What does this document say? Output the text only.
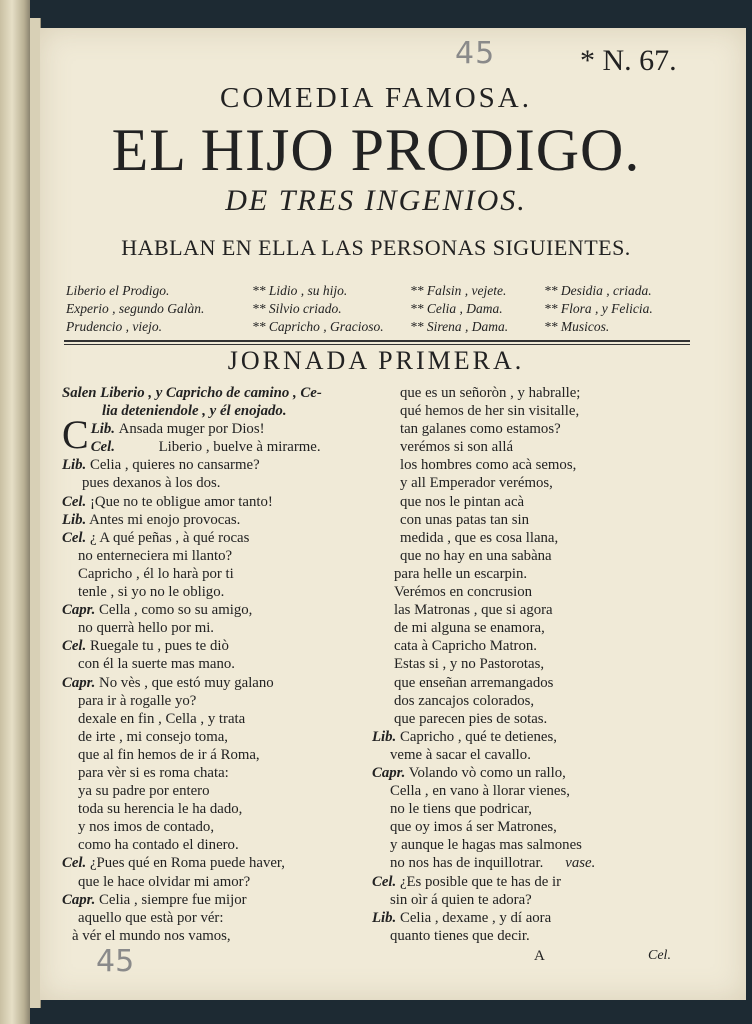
45	* N. 67.
COMEDIA FAMOSA.
EL HIJO PRODIGO.
DE TRES INGENIOS.
HABLAN EN ELLA LAS PERSONAS SIGUIENTES.
Liberio el Prodigo.	** Lidio , su hijo.	** Falsin , vejete.	** Desidia , criada.
Experio , segundo Galàn.	** Silvio criado.	** Celia , Dama.	** Flora , y Felicia.
Prudencio , viejo.	** Capricho , Gracioso. ** Sirena , Dama.	** Musicos.
JORNADA PRIMERA.
Salen Liberio , y Capricho de camino , Ce-
lia deteniendole , y él enojado.
Lib.
C Ansada muger por Dios!
Cel.	Liberio , buelve à mirarme.
Lib. Celia , quieres no cansarme?
pues dexanos à los dos.
Cel. ¡Que no te obligue amor tanto!
Lib. Antes mi enojo provocas.
Cel. ¿ A qué peñas , à qué rocas
no enterneciera mi llanto?
Capricho , él lo harà por ti
tenle , si yo no le obligo.
Capr. Cella , como so su amigo,
no querrà hello por mi.
Cel. Ruegale tu , pues te diò
con él la suerte mas mano.
Capr. No vès , que estó muy galano
para ir à rogalle yo?
dexale en fin , Cella , y trata
de irte , mi consejo toma,
que al fin hemos de ir á Roma,
para vèr si es roma chata:
ya su padre por entero
toda su herencia le ha dado,
y nos imos de contado,
como ha contado el dinero.
Cel. ¿Pues qué en Roma puede haver,
que le hace olvidar mi amor?
Capr. Celia , siempre fue mijor
aquello que està por vér:
à vér el mundo nos vamos,
que es un señoròn , y habralle;
qué hemos de her sin visitalle,
tan galanes como estamos?
verémos si son allá
los hombres como acà semos,
y all Emperador verémos,
que nos le pintan acà
con unas patas tan sin
medida , que es cosa llana,
que no hay en una sabàna
para helle un escarpin.
Verémos en concrusion
las Matronas , que si agora
de mi alguna se enamora,
cata à Capricho Matron.
Estas si , y no Pastorotas,
que enseñan arremangados
dos zancajos colorados,
que parecen pies de sotas.
Lib. Capricho , qué te detienes,
veme à sacar el cavallo.
Capr. Volando vò como un rallo,
Cella , en vano à llorar vienes,
no le tiens que podricar,
que oy imos á ser Matrones,
y aunque le hagas mas salmones
no nos has de inquillotrar. vase.
Cel. ¿Es posible que te has de ir
sin oìr á quien te adora?
Lib. Celia , dexame , y dí aora
quanto tienes que decir.
45	A	Cel.
